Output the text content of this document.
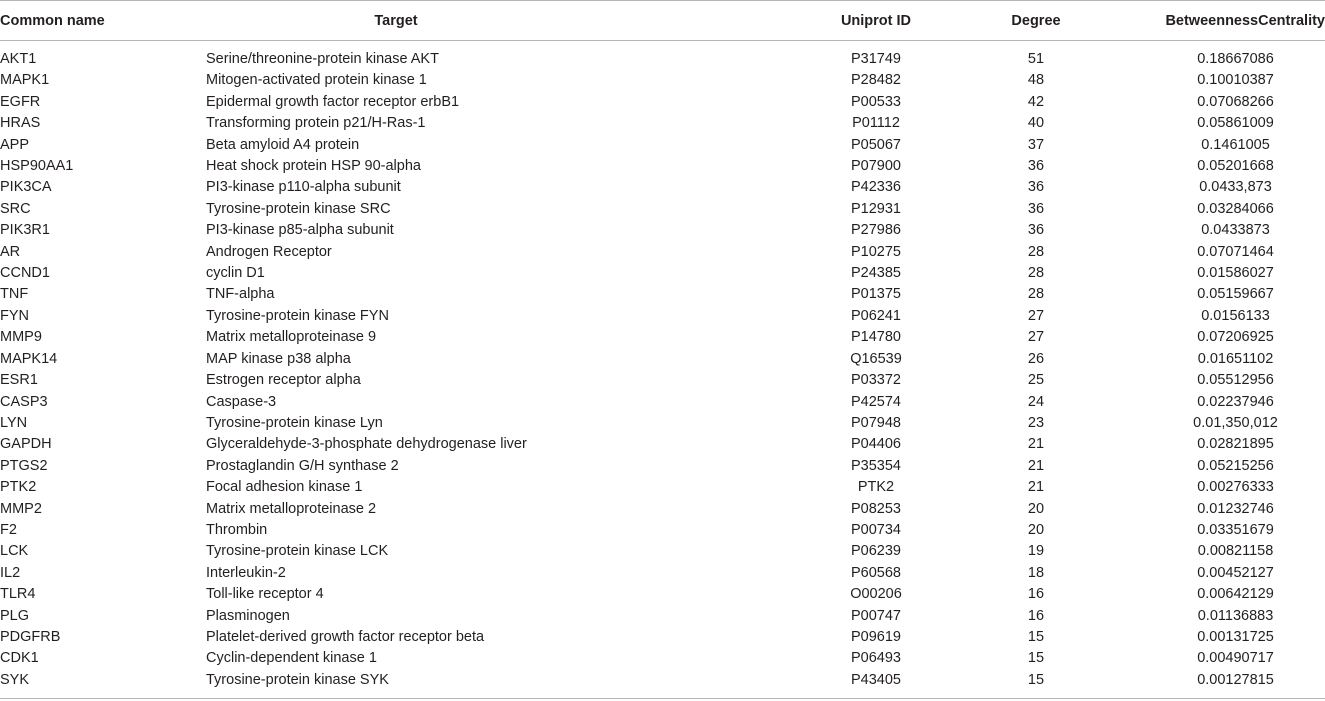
Common name	Target	Uniprot ID	Degree	BetweennessCentrality
AKT1	Serine/threonine-protein kinase AKT	P31749	51	0.18667086
MAPK1	Mitogen-activated protein kinase 1	P28482	48	0.10010387
EGFR	Epidermal growth factor receptor erbB1	P00533	42	0.07068266
HRAS	Transforming protein p21/H-Ras-1	P01112	40	0.05861009
APP	Beta amyloid A4 protein	P05067	37	0.1461005
HSP90AA1	Heat shock protein HSP 90-alpha	P07900	36	0.05201668
PIK3CA	PI3-kinase p110-alpha subunit	P42336	36	0.0433,873
SRC	Tyrosine-protein kinase SRC	P12931	36	0.03284066
PIK3R1	PI3-kinase p85-alpha subunit	P27986	36	0.0433873
AR	Androgen Receptor	P10275	28	0.07071464
CCND1	cyclin D1	P24385	28	0.01586027
TNF	TNF-alpha	P01375	28	0.05159667
FYN	Tyrosine-protein kinase FYN	P06241	27	0.0156133
MMP9	Matrix metalloproteinase 9	P14780	27	0.07206925
MAPK14	MAP kinase p38 alpha	Q16539	26	0.01651102
ESR1	Estrogen receptor alpha	P03372	25	0.05512956
CASP3	Caspase-3	P42574	24	0.02237946
LYN	Tyrosine-protein kinase Lyn	P07948	23	0.01,350,012
GAPDH	Glyceraldehyde-3-phosphate dehydrogenase liver	P04406	21	0.02821895
PTGS2	Prostaglandin G/H synthase 2	P35354	21	0.05215256
PTK2	Focal adhesion kinase 1	PTK2	21	0.00276333
MMP2	Matrix metalloproteinase 2	P08253	20	0.01232746
F2	Thrombin	P00734	20	0.03351679
LCK	Tyrosine-protein kinase LCK	P06239	19	0.00821158
IL2	Interleukin-2	P60568	18	0.00452127
TLR4	Toll-like receptor 4	O00206	16	0.00642129
PLG	Plasminogen	P00747	16	0.01136883
PDGFRB	Platelet-derived growth factor receptor beta	P09619	15	0.00131725
CDK1	Cyclin-dependent kinase 1	P06493	15	0.00490717
SYK	Tyrosine-protein kinase SYK	P43405	15	0.00127815
